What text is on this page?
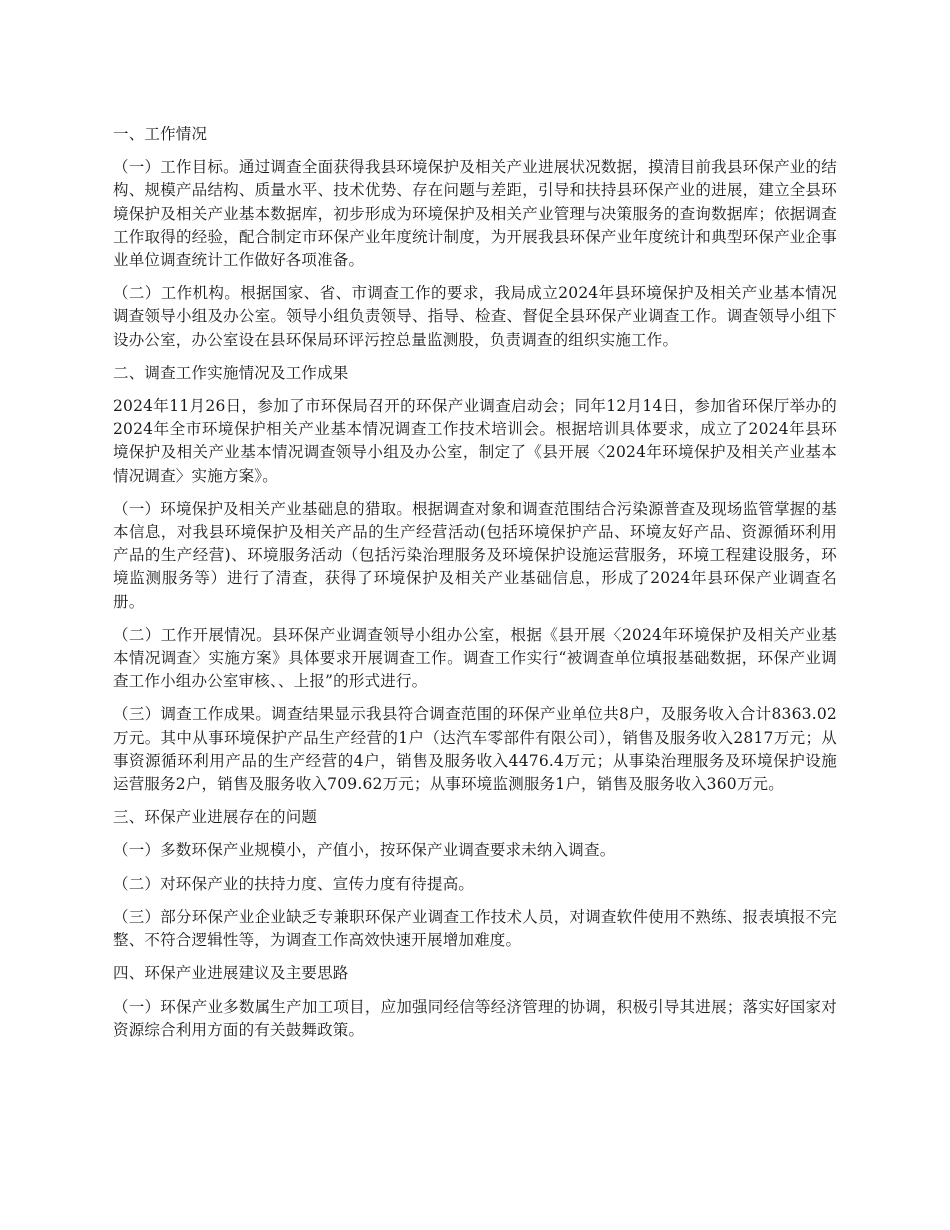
一、工作情况

（一）工作目标。通过调查全面获得我县环境保护及相关产业进展状况数据，摸清目前我县环保产业的结构、规模产品结构、质量水平、技术优势、存在问题与差距，引导和扶持县环保产业的进展，建立全县环境保护及相关产业基本数据库，初步形成为环境保护及相关产业管理与决策服务的查询数据库；依据调查工作取得的经验，配合制定市环保产业年度统计制度，为开展我县环保产业年度统计和典型环保产业企事业单位调查统计工作做好各项准备。

（二）工作机构。根据国家、省、市调查工作的要求，我局成立2024年县环境保护及相关产业基本情况调查领导小组及办公室。领导小组负责领导、指导、检查、督促全县环保产业调查工作。调查领导小组下设办公室，办公室设在县环保局环评污控总量监测股，负责调查的组织实施工作。

二、调查工作实施情况及工作成果

2024年11月26日，参加了市环保局召开的环保产业调查启动会；同年12月14日，参加省环保厅举办的2024年全市环境保护相关产业基本情况调查工作技术培训会。根据培训具体要求，成立了2024年县环境保护及相关产业基本情况调查领导小组及办公室，制定了《县开展〈2024年环境保护及相关产业基本情况调查〉实施方案》。

（一）环境保护及相关产业基础息的猎取。根据调查对象和调查范围结合污染源普查及现场监管掌握的基本信息，对我县环境保护及相关产品的生产经营活动(包括环境保护产品、环境友好产品、资源循环利用产品的生产经营)、环境服务活动（包括污染治理服务及环境保护设施运营服务，环境工程建设服务，环境监测服务等）进行了清查，获得了环境保护及相关产业基础信息，形成了2024年县环保产业调查名册。

（二）工作开展情况。县环保产业调查领导小组办公室，根据《县开展〈2024年环境保护及相关产业基本情况调查〉实施方案》具体要求开展调查工作。调查工作实行“被调查单位填报基础数据，环保产业调查工作小组办公室审核、、上报”的形式进行。

（三）调查工作成果。调查结果显示我县符合调查范围的环保产业单位共8户，及服务收入合计8363.02万元。其中从事环境保护产品生产经营的1户（达汽车零部件有限公司），销售及服务收入2817万元；从事资源循环利用产品的生产经营的4户，销售及服务收入4476.4万元；从事染治理服务及环境保护设施运营服务2户，销售及服务收入709.62万元；从事环境监测服务1户，销售及服务收入360万元。

三、环保产业进展存在的问题

（一）多数环保产业规模小，产值小，按环保产业调查要求未纳入调查。

（二）对环保产业的扶持力度、宣传力度有待提高。

（三）部分环保产业企业缺乏专兼职环保产业调查工作技术人员，对调查软件使用不熟练、报表填报不完整、不符合逻辑性等，为调查工作高效快速开展增加难度。

四、环保产业进展建议及主要思路

（一）环保产业多数属生产加工项目，应加强同经信等经济管理的协调，积极引导其进展；落实好国家对资源综合利用方面的有关鼓舞政策。
